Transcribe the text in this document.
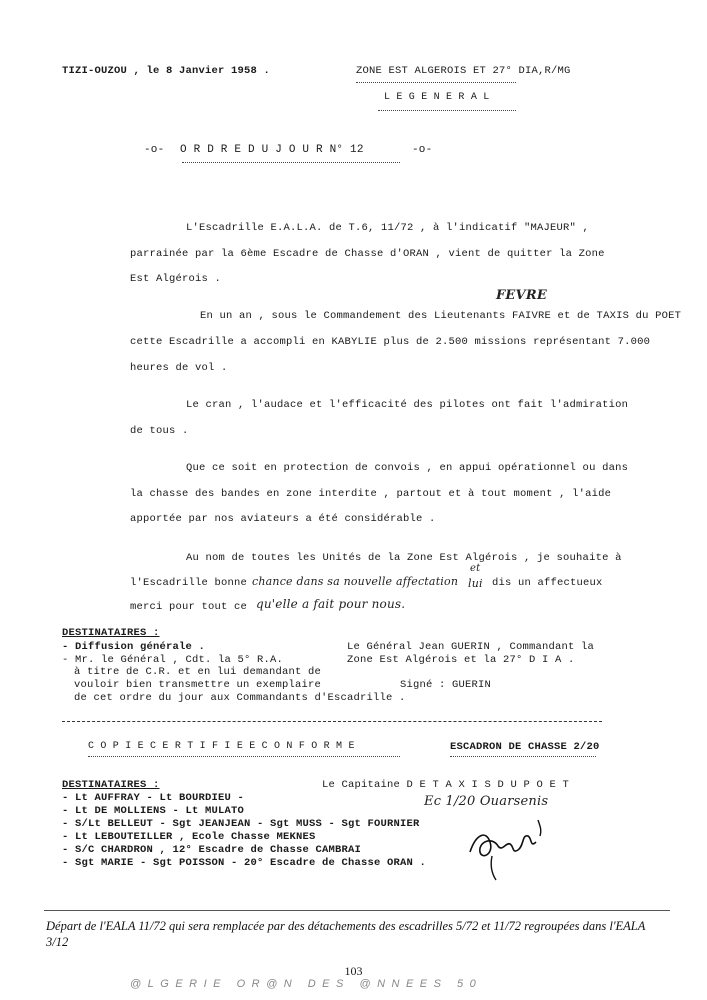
TIZI-OUZOU , le 8 Janvier 1958 .	ZONE EST ALGEROIS ET 27° DIA,R/MG
L E G E N E R A L
-o- O R D R E D U J O U R N° 12	-o-
L'Escadrille E.A.L.A. de T.6, 11/72 , à l'indicatif "MAJEUR" ,
parrainée par la 6ème Escadre de Chasse d'ORAN , vient de quitter la Zone
Est Algérois .
FEVRE
En un an , sous le Commandement des Lieutenants FAIVRE et de TAXIS du POET
cette Escadrille a accompli en KABYLIE plus de 2.500 missions représentant 7.000
heures de vol .
Le cran , l'audace et l'efficacité des pilotes ont fait l'admiration
de tous .
Que ce soit en protection de convois , en appui opérationnel ou dans
la chasse des bandes en zone interdite , partout et à tout moment , l'aide
apportée par nos aviateurs a été considérable .
Au nom de toutes les Unités de la Zone Est Algérois , je souhaite à
l'Escadrille bonne chance dans sa nouvelle affectation
et
lui dis un affectueux
merci pour tout ce qu'elle a fait pour nous.
DESTINATAIRES :
- Diffusion générale .
- Mr. le Général , Cdt. la 5° R.A.
à titre de C.R. et en lui demandant de
vouloir bien transmettre un exemplaire
de cet ordre du jour aux Commandants d'Escadrille .
Le Général Jean GUERIN , Commandant la
Zone Est Algérois et la 27° D I A .
Signé : GUERIN
C O P I E C E R T I F I E E C O N F O R M E	ESCADRON DE CHASSE 2/20
DESTINATAIRES :	Le Capitaine D E T A X I S D U P O E T
Ec 1/20 Ouarsenis
- Lt AUFFRAY - Lt BOURDIEU -
- Lt DE MOLLIENS - Lt MULATO
- S/Lt BELLEUT - Sgt JEANJEAN - Sgt MUSS - Sgt FOURNIER
- Lt LEBOUTEILLER , Ecole Chasse MEKNES
- S/C CHARDRON , 12° Escadre de Chasse CAMBRAI
- Sgt MARIE - Sgt POISSON - 20° Escadre de Chasse ORAN .
Départ de l'EALA 11/72 qui sera remplacée par des détachements des escadrilles 5/72 et 11/72 regroupées dans l'EALA 3/12
103
@LGERIE OR@N DES @NNEES 50
